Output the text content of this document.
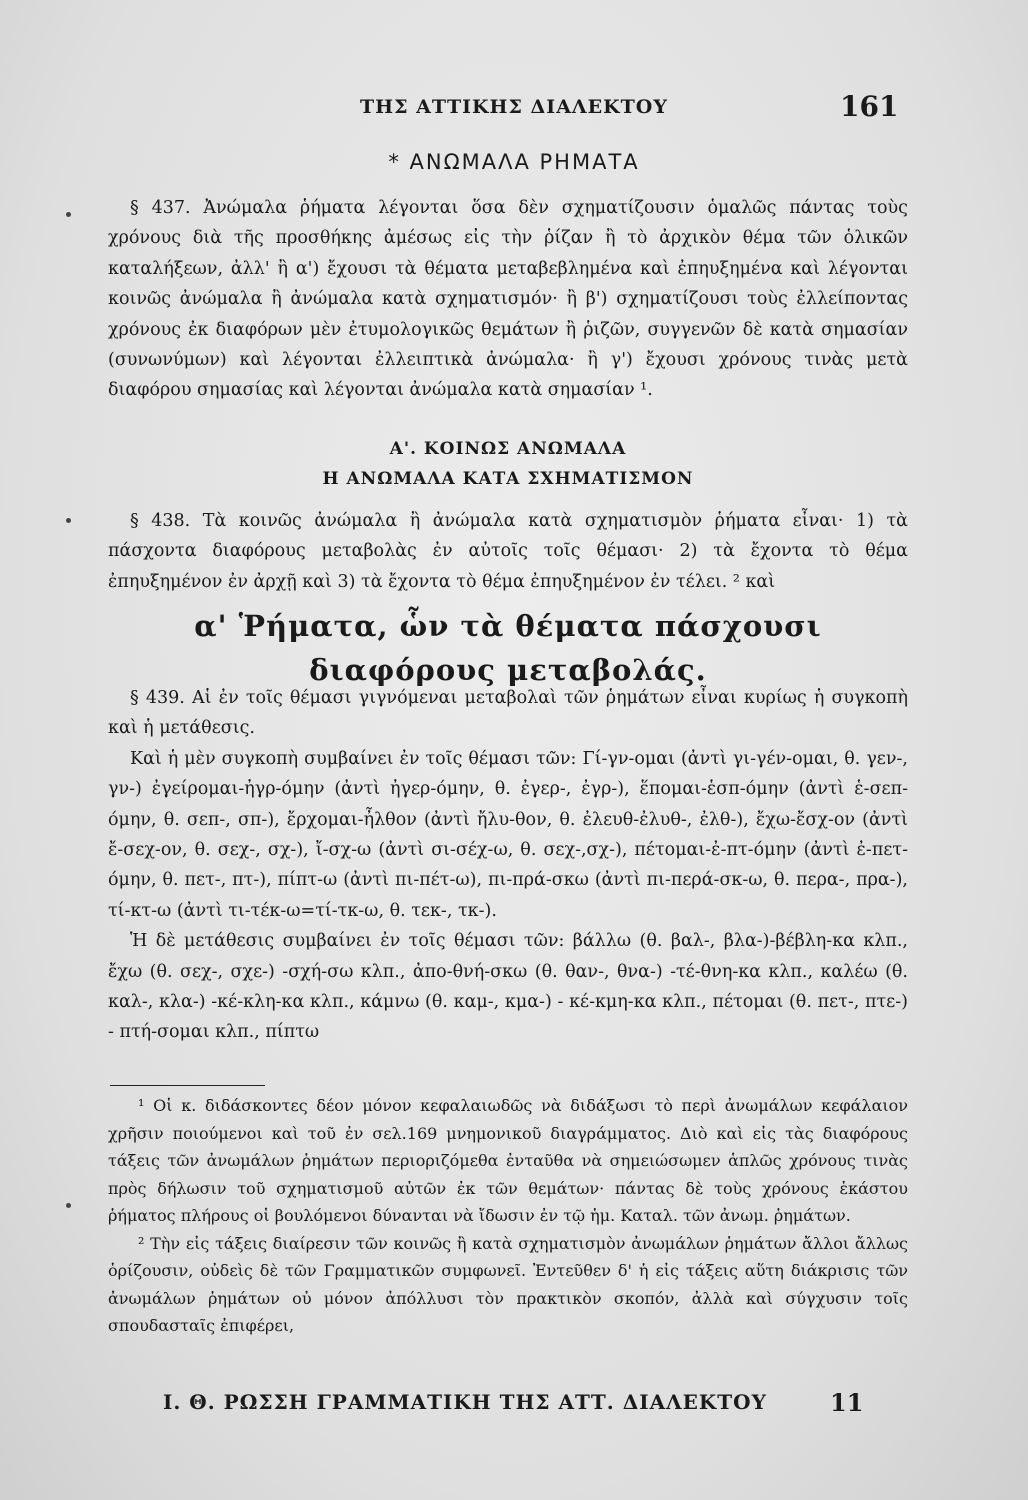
ΤΗΣ ΑΤΤΙΚΗΣ ΔΙΑΛΕΚΤΟΥ	161
* ΑΝΩΜΑΛΑ ΡΗΜΑΤΑ

§ 437. Ἀνώμαλα ῥήματα λέγονται ὅσα δὲν σχηματίζουσιν ὁμαλῶς πάντας τοὺς χρόνους διὰ τῆς προσθήκης ἀμέσως εἰς τὴν ῥίζαν ἢ τὸ ἀρχικὸν θέμα τῶν ὁλικῶν καταλήξεων, ἀλλ' ἢ α') ἔχουσι τὰ θέματα μεταβεβλημένα καὶ ἐπηυξημένα καὶ λέγονται κοινῶς ἀνώμαλα ἢ ἀνώμαλα κατὰ σχηματισμόν· ἢ β') σχηματίζουσι τοὺς ἐλλείποντας χρόνους ἐκ διαφόρων μὲν ἐτυμολογικῶς θεμάτων ἢ ῥιζῶν, συγγενῶν δὲ κατὰ σημασίαν (συνωνύμων) καὶ λέγονται ἐλλειπτικὰ ἀνώμαλα· ἢ γ') ἔχουσι χρόνους τινὰς μετὰ διαφόρου σημασίας καὶ λέγονται ἀνώμαλα κατὰ σημασίαν ¹.

Α'. ΚΟΙΝΩΣ ΑΝΩΜΑΛΑ

Η ΑΝΩΜΑΛΑ ΚΑΤΑ ΣΧΗΜΑΤΙΣΜΟΝ

§ 438. Τὰ κοινῶς ἀνώμαλα ἢ ἀνώμαλα κατὰ σχηματισμὸν ῥήματα εἶναι· 1) τὰ πάσχοντα διαφόρους μεταβολὰς ἐν αὐτοῖς τοῖς θέμασι· 2) τὰ ἔχοντα τὸ θέμα ἐπηυξημένον ἐν ἀρχῇ καὶ 3) τὰ ἔχοντα τὸ θέμα ἐπηυξημένον ἐν τέλει. ² καὶ

α' Ῥήματα, ὧν τὰ θέματα πάσχουσι

διαφόρους μεταβολάς.

§ 439. Αἱ ἐν τοῖς θέμασι γιγνόμεναι μεταβολαὶ τῶν ῥημάτων εἶναι κυρίως ἡ συγκοπὴ καὶ ἡ μετάθεσις.

Καὶ ἡ μὲν συγκοπὴ συμβαίνει ἐν τοῖς θέμασι τῶν: Γί-γν-ομαι (ἀντὶ γι-γέν-ομαι, θ. γεν-, γν-) ἐγείρομαι-ἠγρ-όμην (ἀντὶ ἠγερ-όμην, θ. ἐγερ-, ἐγρ-), ἕπομαι-ἑσπ-όμην (ἀντὶ ἑ-σεπ-όμην, θ. σεπ-, σπ-), ἔρχομαι-ἦλθον (ἀντὶ ἤλυ-θον, θ. ἐλευθ-ἐλυθ-, ἐλθ-), ἔχω-ἔσχ-ον (ἀντὶ ἔ-σεχ-ον, θ. σεχ-, σχ-), ἴ-σχ-ω (ἀντὶ σι-σέχ-ω, θ. σεχ-,σχ-), πέτομαι-ἐ-πτ-όμην (ἀντὶ ἐ-πετ-όμην, θ. πετ-, πτ-), πίπτ-ω (ἀντὶ πι-πέτ-ω), πι-πρά-σκω (ἀντὶ πι-περά-σκ-ω, θ. περα-, πρα-), τί-κτ-ω (ἀντὶ τι-τέκ-ω=τί-τκ-ω, θ. τεκ-, τκ-).

Ἡ δὲ μετάθεσις συμβαίνει ἐν τοῖς θέμασι τῶν: βάλλω (θ. βαλ-, βλα-)-βέβλη-κα κλπ., ἔχω (θ. σεχ-, σχε-) -σχή-σω κλπ., ἀπο-θνή-σκω (θ. θαν-, θνα-) -τέ-θνη-κα κλπ., καλέω (θ. καλ-, κλα-) -κέ-κλη-κα κλπ., κάμνω (θ. καμ-, κμα-) - κέ-κμη-κα κλπ., πέτομαι (θ. πετ-, πτε-) - πτή-σομαι κλπ., πίπτω

¹ Οἱ κ. διδάσκοντες δέον μόνον κεφαλαιωδῶς νὰ διδάξωσι τὸ περὶ ἀνωμάλων κεφάλαιον χρῆσιν ποιούμενοι καὶ τοῦ ἐν σελ.169 μνημονικοῦ διαγράμματος. Διὸ καὶ εἰς τὰς διαφόρους τάξεις τῶν ἀνωμάλων ῥημάτων περιοριζόμεθα ἐνταῦθα νὰ σημειώσωμεν ἁπλῶς χρόνους τινὰς πρὸς δήλωσιν τοῦ σχηματισμοῦ αὐτῶν ἐκ τῶν θεμάτων· πάντας δὲ τοὺς χρόνους ἑκάστου ῥήματος πλήρους οἱ βουλόμενοι δύνανται νὰ ἴδωσιν ἐν τῷ ἡμ. Καταλ. τῶν ἀνωμ. ῥημάτων.

² Τὴν εἰς τάξεις διαίρεσιν τῶν κοινῶς ἢ κατὰ σχηματισμὸν ἀνωμάλων ῥημάτων ἄλλοι ἄλλως ὁρίζουσιν, οὐδεὶς δὲ τῶν Γραμματικῶν συμφωνεῖ. Ἐντεῦθεν δ' ἡ εἰς τάξεις αὕτη διάκρισις τῶν ἀνωμάλων ῥημάτων οὐ μόνον ἀπόλλυσι τὸν πρακτικὸν σκοπόν, ἀλλὰ καὶ σύγχυσιν τοῖς σπουδασταῖς ἐπιφέρει,

Ι. Θ. ΡΩΣΣΗ ΓΡΑΜΜΑΤΙΚΗ ΤΗΣ ΑΤΤ. ΔΙΑΛΕΚΤΟΥ	11
